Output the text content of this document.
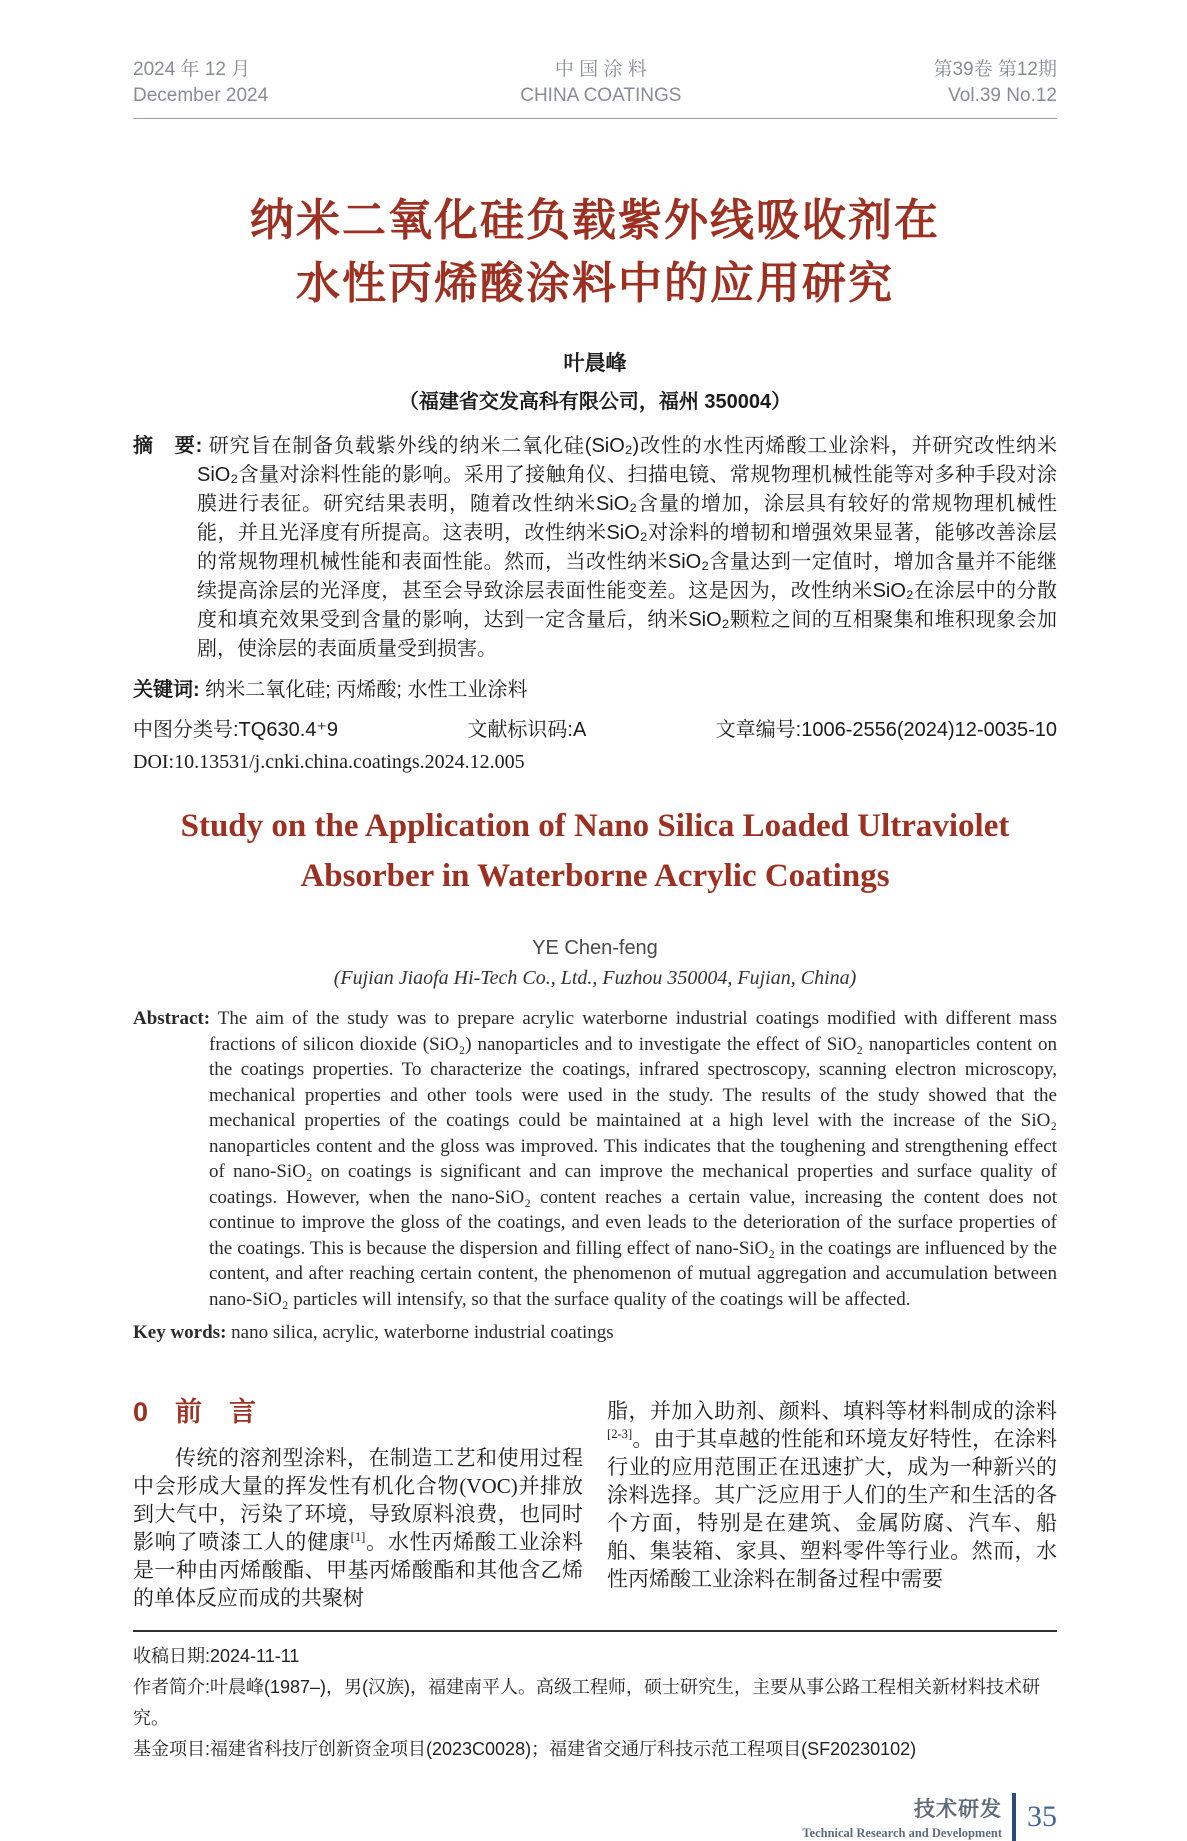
2024 年 12 月
December 2024
中 国 涂 料
CHINA COATINGS
第39卷 第12期
Vol.39 No.12
纳米二氧化硅负载紫外线吸收剂在
水性丙烯酸涂料中的应用研究
叶晨峰
（福建省交发高科有限公司，福州 350004）
摘　要: 研究旨在制备负载紫外线的纳米二氧化硅(SiO₂)改性的水性丙烯酸工业涂料，并研究改性纳米SiO₂含量对涂料性能的影响。采用了接触角仪、扫描电镜、常规物理机械性能等对多种手段对涂膜进行表征。研究结果表明，随着改性纳米SiO₂含量的增加，涂层具有较好的常规物理机械性能，并且光泽度有所提高。这表明，改性纳米SiO₂对涂料的增韧和增强效果显著，能够改善涂层的常规物理机械性能和表面性能。然而，当改性纳米SiO₂含量达到一定值时，增加含量并不能继续提高涂层的光泽度，甚至会导致涂层表面性能变差。这是因为，改性纳米SiO₂在涂层中的分散度和填充效果受到含量的影响，达到一定含量后，纳米SiO₂颗粒之间的互相聚集和堆积现象会加剧，使涂层的表面质量受到损害。
关键词: 纳米二氧化硅; 丙烯酸; 水性工业涂料
中图分类号:TQ630.4⁺9	文献标识码:A	文章编号:1006-2556(2024)12-0035-10
DOI:10.13531/j.cnki.china.coatings.2024.12.005
Study on the Application of Nano Silica Loaded Ultraviolet
Absorber in Waterborne Acrylic Coatings
YE Chen-feng
(Fujian Jiaofa Hi-Tech Co., Ltd., Fuzhou 350004, Fujian, China)
Abstract: The aim of the study was to prepare acrylic waterborne industrial coatings modified with different mass fractions of silicon dioxide (SiO₂) nanoparticles and to investigate the effect of SiO₂ nanoparticles content on the coatings properties. To characterize the coatings, infrared spectroscopy, scanning electron microscopy, mechanical properties and other tools were used in the study. The results of the study showed that the mechanical properties of the coatings could be maintained at a high level with the increase of the SiO₂ nanoparticles content and the gloss was improved. This indicates that the toughening and strengthening effect of nano-SiO₂ on coatings is significant and can improve the mechanical properties and surface quality of coatings. However, when the nano-SiO₂ content reaches a certain value, increasing the content does not continue to improve the gloss of the coatings, and even leads to the deterioration of the surface properties of the coatings. This is because the dispersion and filling effect of nano-SiO₂ in the coatings are influenced by the content, and after reaching certain content, the phenomenon of mutual aggregation and accumulation between nano-SiO₂ particles will intensify, so that the surface quality of the coatings will be affected.
Key words: nano silica, acrylic, waterborne industrial coatings
0　前　言

传统的溶剂型涂料，在制造工艺和使用过程中会形成大量的挥发性有机化合物(VOC)并排放到大气中，污染了环境，导致原料浪费，也同时影响了喷漆工人的健康[1]。水性丙烯酸工业涂料是一种由丙烯酸酯、甲基丙烯酸酯和其他含乙烯的单体反应而成的共聚树

脂，并加入助剂、颜料、填料等材料制成的涂料[2-3]。由于其卓越的性能和环境友好特性，在涂料行业的应用范围正在迅速扩大，成为一种新兴的涂料选择。其广泛应用于人们的生产和生活的各个方面，特别是在建筑、金属防腐、汽车、船舶、集装箱、家具、塑料零件等行业。然而，水性丙烯酸工业涂料在制备过程中需要

收稿日期:2024-11-11
作者简介:叶晨峰(1987–)，男(汉族)，福建南平人。高级工程师，硕士研究生，主要从事公路工程相关新材料技术研究。
基金项目:福建省科技厅创新资金项目(2023C0028)；福建省交通厅科技示范工程项目(SF20230102)
技术研发
Technical Research and Development 35
